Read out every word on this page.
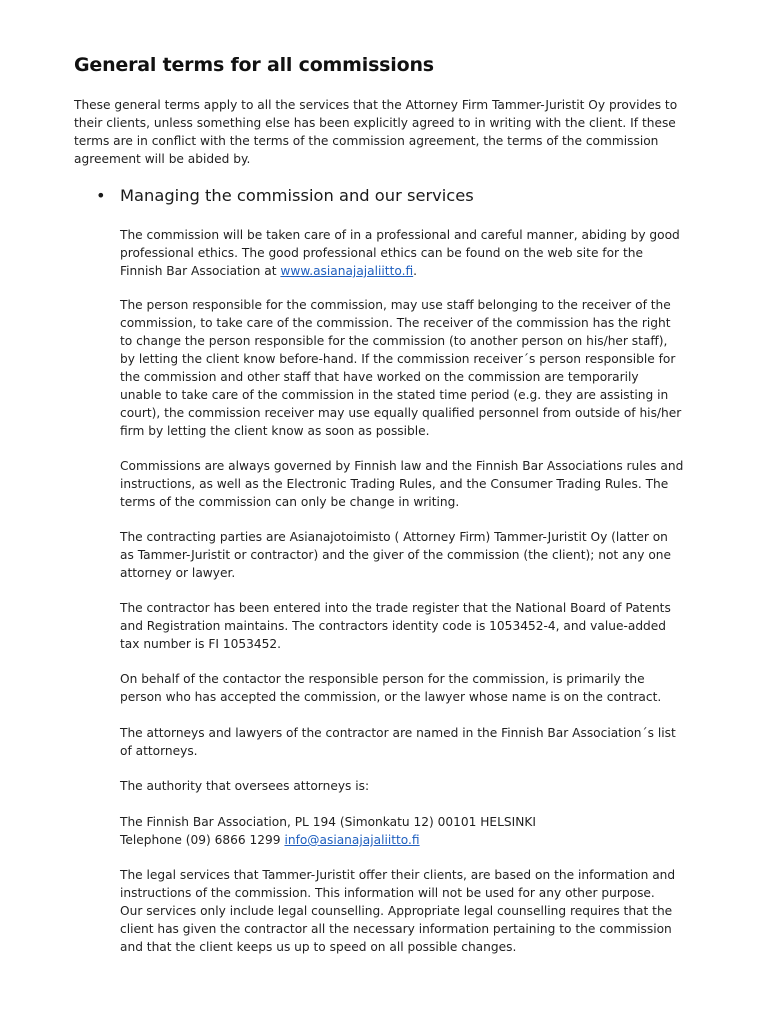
General terms for all commissions
These general terms apply to all the services that the Attorney Firm Tammer-Juristit Oy provides to
their clients, unless something else has been explicitly agreed to in writing with the client. If these
terms are in conflict with the terms of the commission agreement, the terms of the commission
agreement will be abided by.
• Managing the commission and our services
The commission will be taken care of in a professional and careful manner, abiding by good
professional ethics. The good professional ethics can be found on the web site for the
Finnish Bar Association at www.asianajajaliitto.fi.
The person responsible for the commission, may use staff belonging to the receiver of the
commission, to take care of the commission. The receiver of the commission has the right
to change the person responsible for the commission (to another person on his/her staff),
by letting the client know before-hand. If the commission receiver´s person responsible for
the commission and other staff that have worked on the commission are temporarily
unable to take care of the commission in the stated time period (e.g. they are assisting in
court), the commission receiver may use equally qualified personnel from outside of his/her
firm by letting the client know as soon as possible.
Commissions are always governed by Finnish law and the Finnish Bar Associations rules and
instructions, as well as the Electronic Trading Rules, and the Consumer Trading Rules. The
terms of the commission can only be change in writing.
The contracting parties are Asianajotoimisto ( Attorney Firm) Tammer-Juristit Oy (latter on
as Tammer-Juristit or contractor) and the giver of the commission (the client); not any one
attorney or lawyer.
The contractor has been entered into the trade register that the National Board of Patents
and Registration maintains. The contractors identity code is 1053452-4, and value-added
tax number is FI 1053452.
On behalf of the contactor the responsible person for the commission, is primarily the
person who has accepted the commission, or the lawyer whose name is on the contract.
The attorneys and lawyers of the contractor are named in the Finnish Bar Association´s list
of attorneys.
The authority that oversees attorneys is:
The Finnish Bar Association, PL 194 (Simonkatu 12) 00101 HELSINKI
Telephone (09) 6866 1299 info@asianajajaliitto.fi
The legal services that Tammer-Juristit offer their clients, are based on the information and
instructions of the commission. This information will not be used for any other purpose.
Our services only include legal counselling. Appropriate legal counselling requires that the
client has given the contractor all the necessary information pertaining to the commission
and that the client keeps us up to speed on all possible changes.
